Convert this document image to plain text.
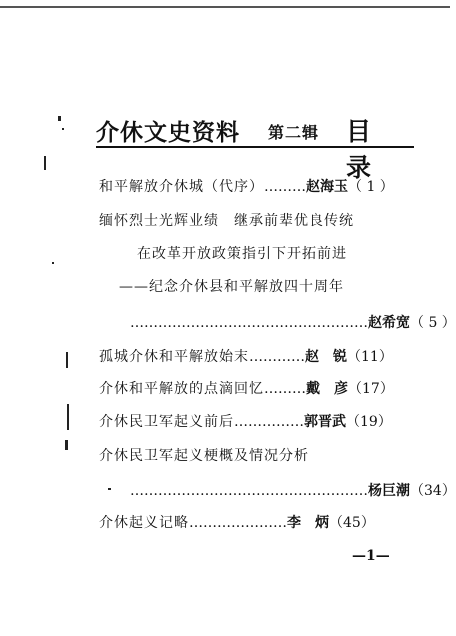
介休文史资料 第二辑 目 录
和平解放介休城（代序）………赵海玉（ 1 ）
缅怀烈士光辉业绩　继承前辈优良传统
在改革开放政策指引下开拓前进
——纪念介休县和平解放四十周年
……………………………………………赵希宽（ 5 ）
孤城介休和平解放始末…………赵　锐（11）
介休和平解放的点滴回忆………戴　彦（17）
介休民卫军起义前后……………郭晋武（19）
介休民卫军起义梗概及情况分析
……………………………………………杨巨潮（34）
介休起义记略…………………李　炳（45）
—1—
